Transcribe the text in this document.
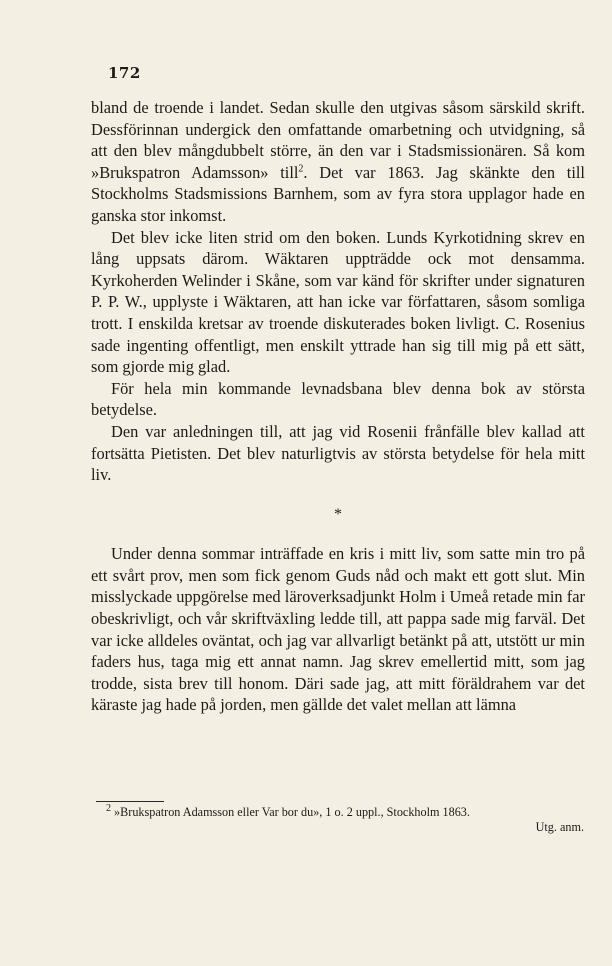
172

bland de troende i landet. Sedan skulle den utgivas såsom särskild skrift. Dessförinnan undergick den omfattande omarbetning och utvidgning, så att den blev mångdubbelt större, än den var i Stadsmissionären. Så kom »Brukspatron Adamsson» till$^2$. Det var 1863. Jag skänkte den till Stockholms Stadsmissions Barnhem, som av fyra stora upplagor hade en ganska stor inkomst.

Det blev icke liten strid om den boken. Lunds Kyrkotidning skrev en lång uppsats därom. Wäktaren uppträdde ock mot densamma. Kyrkoherden Welinder i Skåne, som var känd för skrifter under signaturen P. P. W., upplyste i Wäktaren, att han icke var författaren, såsom somliga trott. I enskilda kretsar av troende diskuterades boken livligt. C. Rosenius sade ingenting offentligt, men enskilt yttrade han sig till mig på ett sätt, som gjorde mig glad.

För hela min kommande levnadsbana blev denna bok av största betydelse.

Den var anledningen till, att jag vid Rosenii frånfälle blev kallad att fortsätta Pietisten. Det blev naturligtvis av största betydelse för hela mitt liv.

*

Under denna sommar inträffade en kris i mitt liv, som satte min tro på ett svårt prov, men som fick genom Guds nåd och makt ett gott slut. Min misslyckade uppgörelse med läroverksadjunkt Holm i Umeå retade min far obeskrivligt, och vår skriftväxling ledde till, att pappa sade mig farväl. Det var icke alldeles oväntat, och jag var allvarligt betänkt på att, utstött ur min faders hus, taga mig ett annat namn. Jag skrev emellertid mitt, som jag trodde, sista brev till honom. Däri sade jag, att mitt föräldrahem var det käraste jag hade på jorden, men gällde det valet mellan att lämna

$^2$ »Brukspatron Adamsson eller Var bor du», 1 o. 2 uppl., Stockholm 1863.
Utg. anm.
